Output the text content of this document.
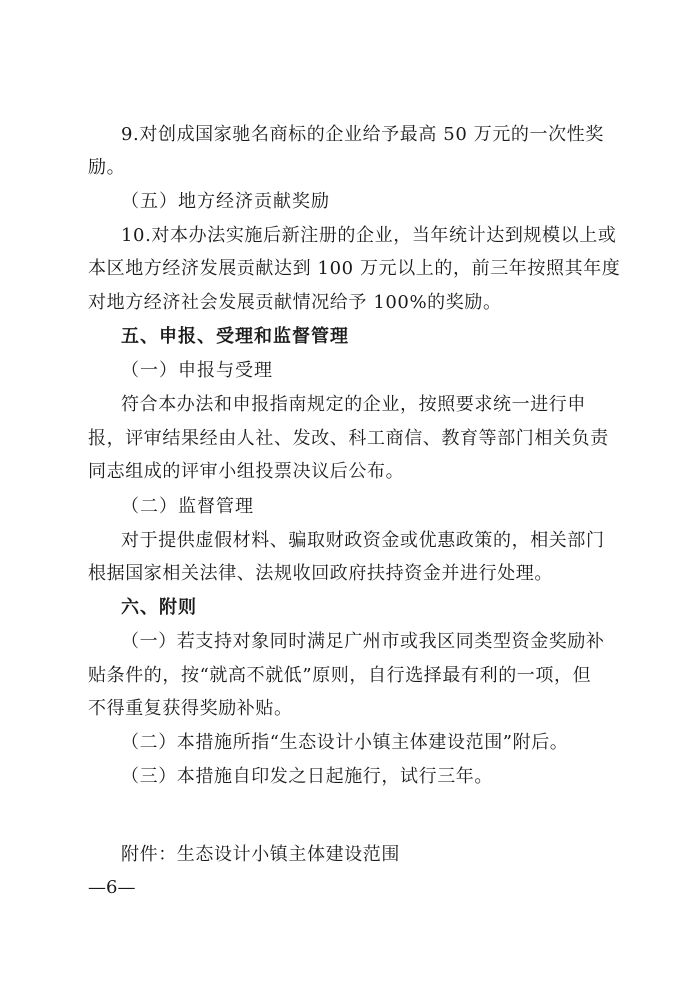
9.对创成国家驰名商标的企业给予最高 50 万元的一次性奖
励。
（五）地方经济贡献奖励
10.对本办法实施后新注册的企业，当年统计达到规模以上或
本区地方经济发展贡献达到 100 万元以上的，前三年按照其年度
对地方经济社会发展贡献情况给予 100%的奖励。
五、申报、受理和监督管理
（一）申报与受理
符合本办法和申报指南规定的企业，按照要求统一进行申
报，评审结果经由人社、发改、科工商信、教育等部门相关负责
同志组成的评审小组投票决议后公布。
（二）监督管理
对于提供虚假材料、骗取财政资金或优惠政策的，相关部门
根据国家相关法律、法规收回政府扶持资金并进行处理。
六、附则
（一）若支持对象同时满足广州市或我区同类型资金奖励补
贴条件的，按“就高不就低”原则，自行选择最有利的一项，但
不得重复获得奖励补贴。
（二）本措施所指“生态设计小镇主体建设范围”附后。
（三）本措施自印发之日起施行，试行三年。
附件：生态设计小镇主体建设范围
—6—
